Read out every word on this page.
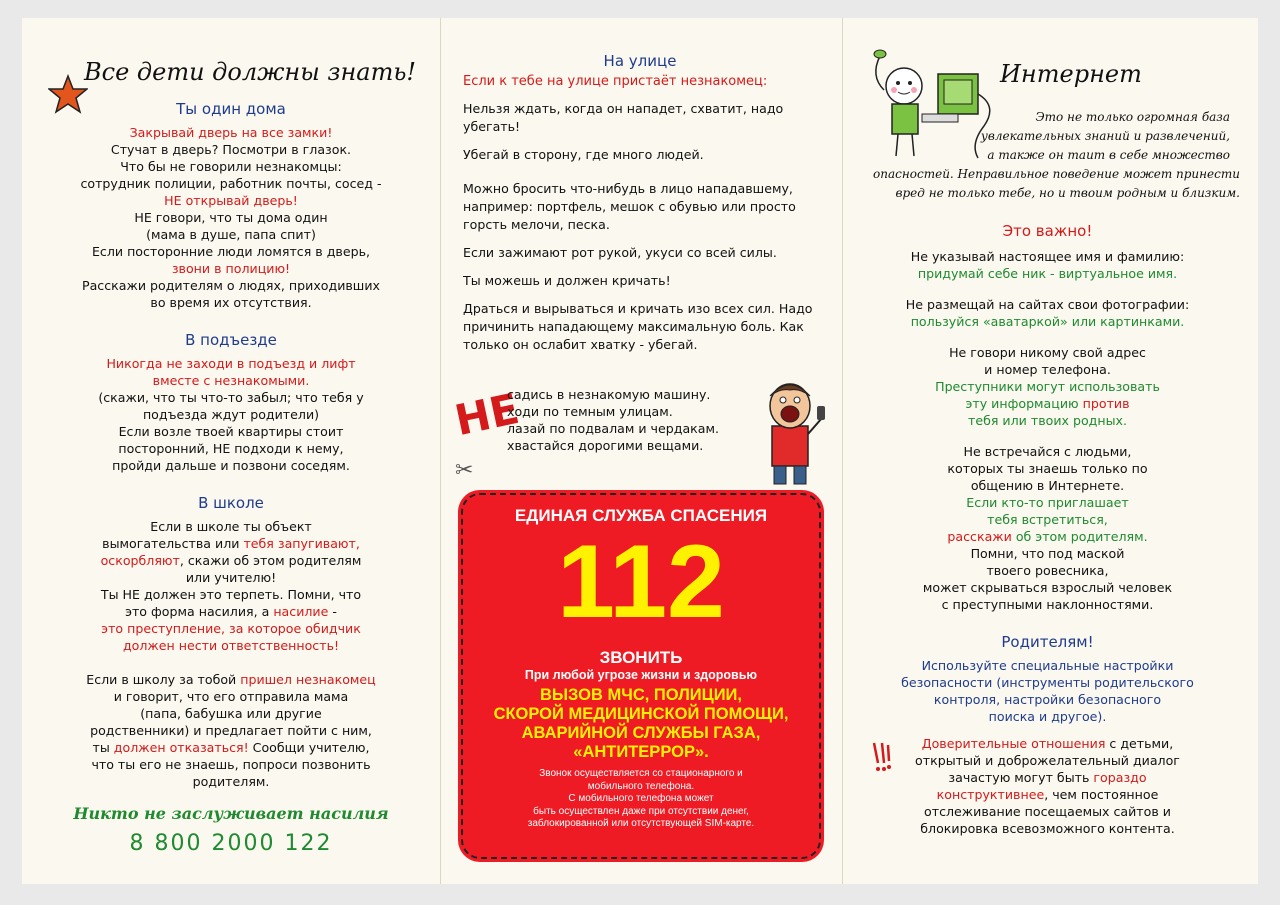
Все дети должны знать!
Ты один дома
Закрывай дверь на все замки!
Стучат в дверь? Посмотри в глазок.
Что бы не говорили незнакомцы:
сотрудник полиции, работник почты, сосед -
НЕ открывай дверь!
НЕ говори, что ты дома один
(мама в душе, папа спит)
Если посторонние люди ломятся в дверь,
звони в полицию!
Расскажи родителям о людях, приходивших
во время их отсутствия.
В подъезде
Никогда не заходи в подъезд и лифт
вместе с незнакомыми.
(скажи, что ты что-то забыл; что тебя у
подъезда ждут родители)
Если возле твоей квартиры стоит
посторонний, НЕ подходи к нему,
пройди дальше и позвони соседям.
В школе
Если в школе ты объект
вымогательства или тебя запугивают,
оскорбляют, скажи об этом родителям
или учителю!
Ты НЕ должен это терпеть. Помни, что
это форма насилия, а насилие -
это преступление, за которое обидчик
должен нести ответственность!
Если в школу за тобой пришел незнакомец
и говорит, что его отправила мама
(папа, бабушка или другие
родственники) и предлагает пойти с ним,
ты должен отказаться! Сообщи учителю,
что ты его не знаешь, попроси позвонить
родителям.
Никто не заслуживает насилия
8 800 2000 122
На улице
Если к тебе на улице пристаёт незнакомец:
Нельзя ждать, когда он нападет, схватит, надо убегать!
Убегай в сторону, где много людей.
Можно бросить что-нибудь в лицо нападавшему, например: портфель, мешок с обувью или просто горсть мелочи, песка.
Если зажимают рот рукой, укуси со всей силы.
Ты можешь и должен кричать!
Драться и вырываться и кричать изо всех сил. Надо причинить нападающему максимальную боль. Как только он ослабит хватку - убегай.
НЕ
садись в незнакомую машину.
ходи по темным улицам.
лазай по подвалам и чердакам.
хвастайся дорогими вещами.
✂
ЕДИНАЯ СЛУЖБА СПАСЕНИЯ
112
ЗВОНИТЬ
При любой угрозе жизни и здоровью
ВЫЗОВ МЧС, ПОЛИЦИИ,
СКОРОЙ МЕДИЦИНСКОЙ ПОМОЩИ,
АВАРИЙНОЙ СЛУЖБЫ ГАЗА,
«АНТИТЕРРОР».
Звонок осуществляется со стационарного и
мобильного телефона.
С мобильного телефона может
быть осуществлен даже при отсутствии денег,
заблокированной или отсутствующей SIM-карте.
Интернет
Это не только огромная база
увлекательных знаний и развлечений,
а также он таит в себе множество
опасностей. Неправильное поведение может принести
вред не только тебе, но и твоим родным и близким.
Это важно!
Не указывай настоящее имя и фамилию:
придумай себе ник - виртуальное имя.
Не размещай на сайтах свои фотографии:
пользуйся «аватаркой» или картинками.
Не говори никому свой адрес
и номер телефона.
Преступники могут использовать
эту информацию против
тебя или твоих родных.
Не встречайся с людьми,
которых ты знаешь только по
общению в Интернете.
Если кто-то приглашает
тебя встретиться,
расскажи об этом родителям.
Помни, что под маской
твоего ровесника,
может скрываться взрослый человек
с преступными наклонностями.
Родителям!
Используйте специальные настройки
безопасности (инструменты родительского
контроля, настройки безопасного
поиска и другое).
Доверительные отношения с детьми,
открытый и доброжелательный диалог
зачастую могут быть гораздо
конструктивнее, чем постоянное
отслеживание посещаемых сайтов и
блокировка всевозможного контента.
